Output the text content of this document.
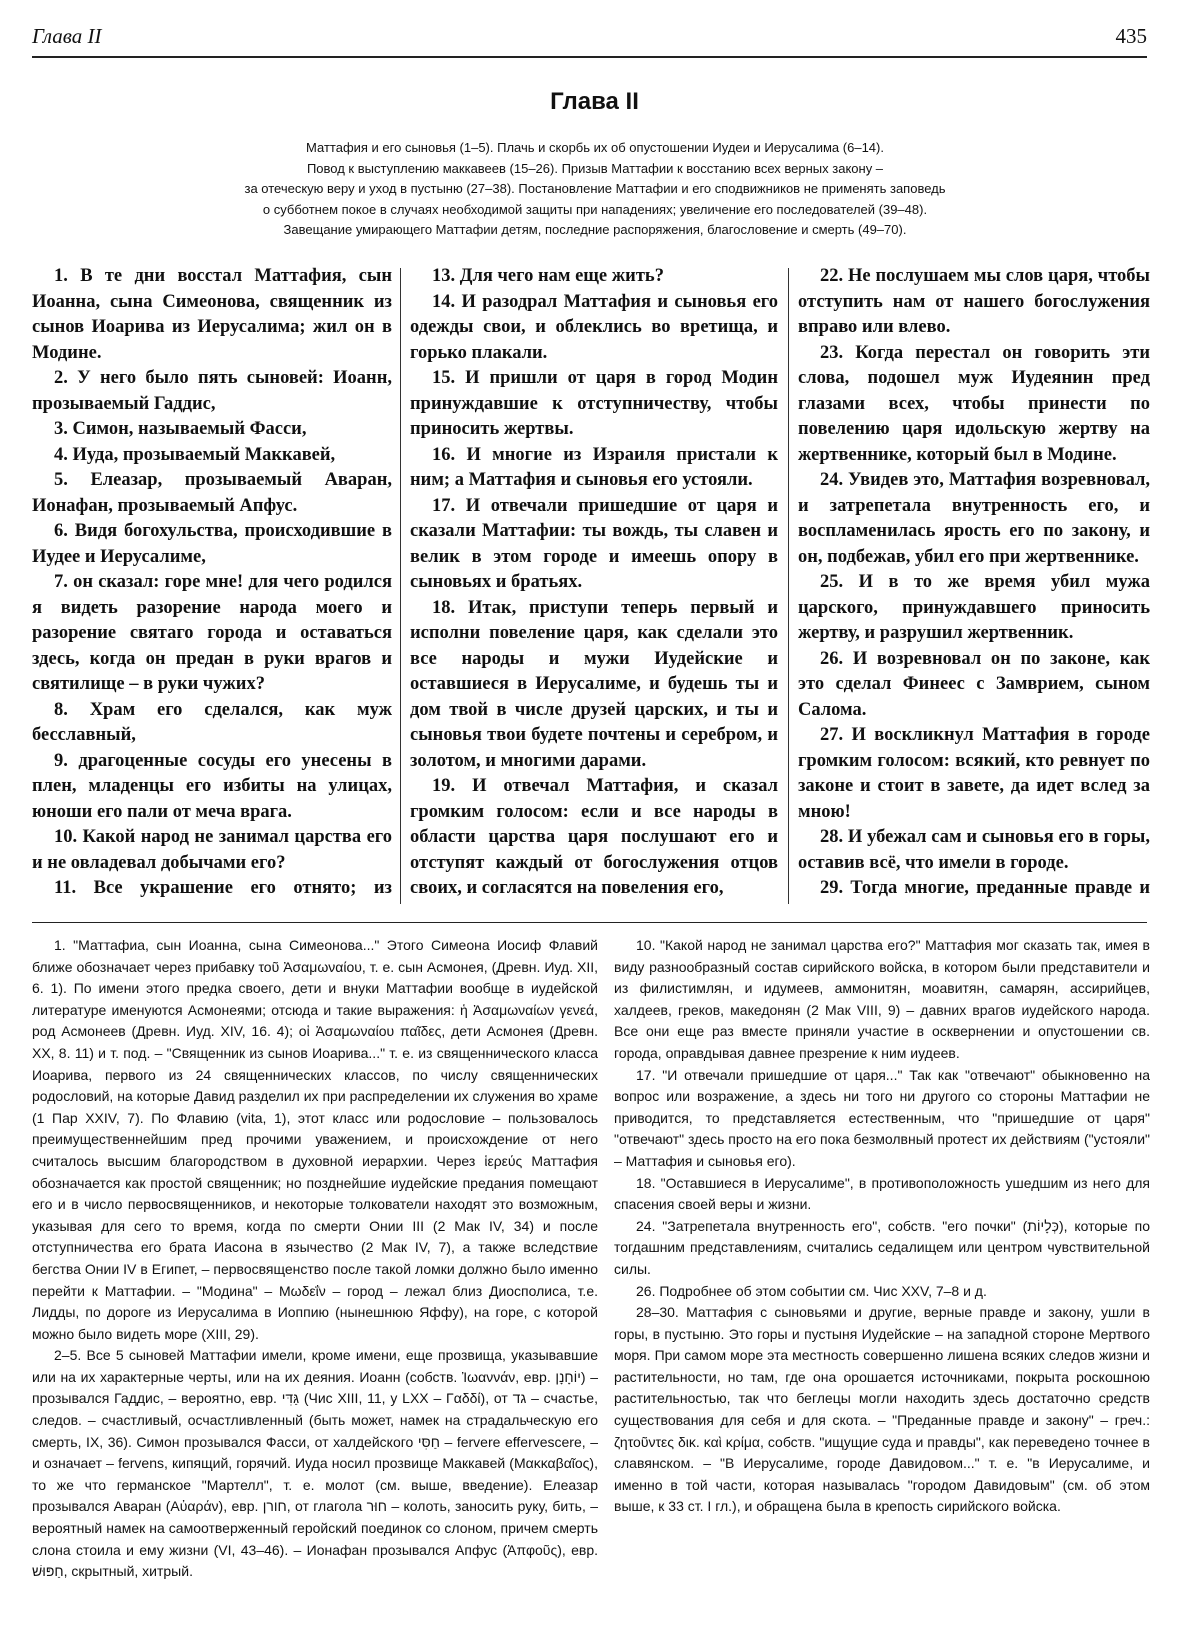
Глава II	435
Глава II
Маттафия и его сыновья (1–5). Плачь и скорбь их об опустошении Иудеи и Иерусалима (6–14).
Повод к выступлению маккавеев (15–26). Призыв Маттафии к восстанию всех верных закону –
за отеческую веру и уход в пустыню (27–38). Постановление Маттафии и его сподвижников не применять заповедь
о субботнем покое в случаях необходимой защиты при нападениях; увеличение его последователей (39–48).
Завещание умирающего Маттафии детям, последние распоряжения, благословение и смерть (49–70).

1. В те дни восстал Маттафия, сын Иоанна, сына Симеонова, священник из сынов Иоарива из Иерусалима; жил он в Модине.

2. У него было пять сыновей: Иоанн, прозываемый Гаддис,

3. Симон, называемый Фасси,

4. Иуда, прозываемый Маккавей,

5. Елеазар, прозываемый Аваран, Ионафан, прозываемый Апфус.

6. Видя богохульства, происходившие в Иудее и Иерусалиме,

7. он сказал: горе мне! для чего родился я видеть разорение народа моего и разорение святаго города и оставаться здесь, когда он предан в руки врагов и святилище – в руки чужих?

8. Храм его сделался, как муж бесславный,

9. драгоценные сосуды его унесены в плен, младенцы его избиты на улицах, юноши его пали от меча врага.

10. Какой народ не занимал царства его и не овладевал добычами его?

11. Все украшение его отнято; из

13. Для чего нам еще жить?

14. И разодрал Маттафия и сыновья его одежды свои, и облеклись во вретища, и горько плакали.

15. И пришли от царя в город Модин принуждавшие к отступничеству, чтобы приносить жертвы.

16. И многие из Израиля пристали к ним; а Маттафия и сыновья его устояли.

17. И отвечали пришедшие от царя и сказали Маттафии: ты вождь, ты славен и велик в этом городе и имеешь опору в сыновьях и братьях.

18. Итак, приступи теперь первый и исполни повеление царя, как сделали это все народы и мужи Иудейские и оставшиеся в Иерусалиме, и будешь ты и дом твой в числе друзей царских, и ты и сыновья твои будете почтены и серебром, и золотом, и многими дарами.

19. И отвечал Маттафия, и сказал громким голосом: если и все народы в области царства царя послушают его и отступят каждый от богослужения отцов своих, и согласятся на повеления его,

22. Не послушаем мы слов царя, чтобы отступить нам от нашего богослужения вправо или влево.

23. Когда перестал он говорить эти слова, подошел муж Иудеянин пред глазами всех, чтобы принести по повелению царя идольскую жертву на жертвеннике, который был в Модине.

24. Увидев это, Маттафия возревновал, и затрепетала внутренность его, и воспламенилась ярость его по закону, и он, подбежав, убил его при жертвеннике.

25. И в то же время убил мужа царского, принуждавшего приносить жертву, и разрушил жертвенник.

26. И возревновал он по законе, как это сделал Финеес с Замврием, сыном Салома.

27. И воскликнул Маттафия в городе громким голосом: всякий, кто ревнует по законе и стоит в завете, да идет вслед за мною!

28. И убежал сам и сыновья его в горы, оставив всё, что имели в городе.

29. Тогда многие, преданные правде и

1. "Маттафиа, сын Иоанна, сына Симеонова..." Этого Симеона Иосиф Флавий ближе обозначает через прибавку τοῦ Ἀσαμωναίου, т. е. сын Асмонея, (Древн. Иуд. XII, 6. 1). По имени этого предка своего, дети и внуки Маттафии вообще в иудейской литературе именуются Асмонеями; отсюда и такие выражения: ἡ Ἀσαμωναίων γενεά, род Асмонеев (Древн. Иуд. XIV, 16. 4); οἱ Ἀσαμωναίου παῖδες, дети Асмонея (Древн. XX, 8. 11) и т. под. – "Священник из сынов Иоарива..." т. е. из священнического класса Иоарива, первого из 24 священнических классов, по числу священнических родословий, на которые Давид разделил их при распределении их служения во храме (1 Пар XXIV, 7). По Флавию (vita, 1), этот класс или родословие – пользовалось преимущественнейшим пред прочими уважением, и происхождение от него считалось высшим благородством в духовной иерархии. Через ἱερεύς Маттафия обозначается как простой священник; но позднейшие иудейские предания помещают его и в число первосвященников, и некоторые толкователи находят это возможным, указывая для сего то время, когда по смерти Онии III (2 Мак IV, 34) и после отступничества его брата Иасона в язычество (2 Мак IV, 7), а также вследствие бегства Онии IV в Египет, – первосвященство после такой ломки должно было именно перейти к Маттафии. – "Модина" – Μωδεΐν – город – лежал близ Диосполиса, т.е. Лидды, по дороге из Иерусалима в Иоппию (нынешнюю Яффу), на горе, с которой можно было видеть море (XIII, 29).

2–5. Все 5 сыновей Маттафии имели, кроме имени, еще прозвища, указывавшие или на их характерные черты, или на их деяния. Иоанн (собств. Ἰωαννάν, евр. יוֹחָנָן) – прозывался Гаддис, – вероятно, евр. גַּדִּי (Чис XIII, 11, у LXX – Γαδδί), от גד – счастье, следов. – счастливый, осчастливленный (быть может, намек на страдальческую его смерть, IX, 36). Симон прозывался Фасси, от халдейского חַסִּי – fervere effervescere, – и означает – fervens, кипящий, горячий. Иуда носил прозвище Маккавей (Μακκαβαῖος), то же что германское "Мартелл", т. е. молот (см. выше, введение). Елеазар прозывался Аваран (Αὐαράν), евр. חורן, от глагола חוּר – колоть, заносить руку, бить, – вероятный намек на самоотверженный геройский поединок со слоном, причем смерть слона стоила и ему жизни (VI, 43–46). – Ионафан прозывался Апфус (Ἀπφοῦς), евр. חַפּוּשׁ, скрытный, хитрый.

10. "Какой народ не занимал царства его?" Маттафия мог сказать так, имея в виду разнообразный состав сирийского войска, в котором были представители и из филистимлян, и идумеев, аммонитян, моавитян, самарян, ассирийцев, халдеев, греков, македонян (2 Мак VIII, 9) – давних врагов иудейского народа. Все они еще раз вместе приняли участие в осквернении и опустошении св. города, оправдывая давнее презрение к ним иудеев.

17. "И отвечали пришедшие от царя..." Так как "отвечают" обыкновенно на вопрос или возражение, а здесь ни того ни другого со стороны Маттафии не приводится, то представляется естественным, что "пришедшие от царя" "отвечают" здесь просто на его пока безмолвный протест их действиям ("устояли" – Маттафия и сыновья его).

18. "Оставшиеся в Иерусалиме", в противоположность ушедшим из него для спасения своей веры и жизни.

24. "Затрепетала внутренность его", собств. "его почки" (כְּלָיוֹת), которые по тогдашним представлениям, считались седалищем или центром чувствительной силы.

26. Подробнее об этом событии см. Чис XXV, 7–8 и д.

28–30. Маттафия с сыновьями и другие, верные правде и закону, ушли в горы, в пустыню. Это горы и пустыня Иудейские – на западной стороне Мертвого моря. При самом море эта местность совершенно лишена всяких следов жизни и растительности, но там, где она орошается источниками, покрыта роскошною растительностью, так что беглецы могли находить здесь достаточно средств существования для себя и для скота. – "Преданные правде и закону" – греч.: ζητοῦντες δικ. καὶ κρίμα, собств. "ищущие суда и правды", как переведено точнее в славянском. – "В Иерусалиме, городе Давидовом..." т. е. "в Иерусалиме, и именно в той части, которая называлась "городом Давидовым" (см. об этом выше, к 33 ст. I гл.), и обращена была в крепость сирийского войска.
